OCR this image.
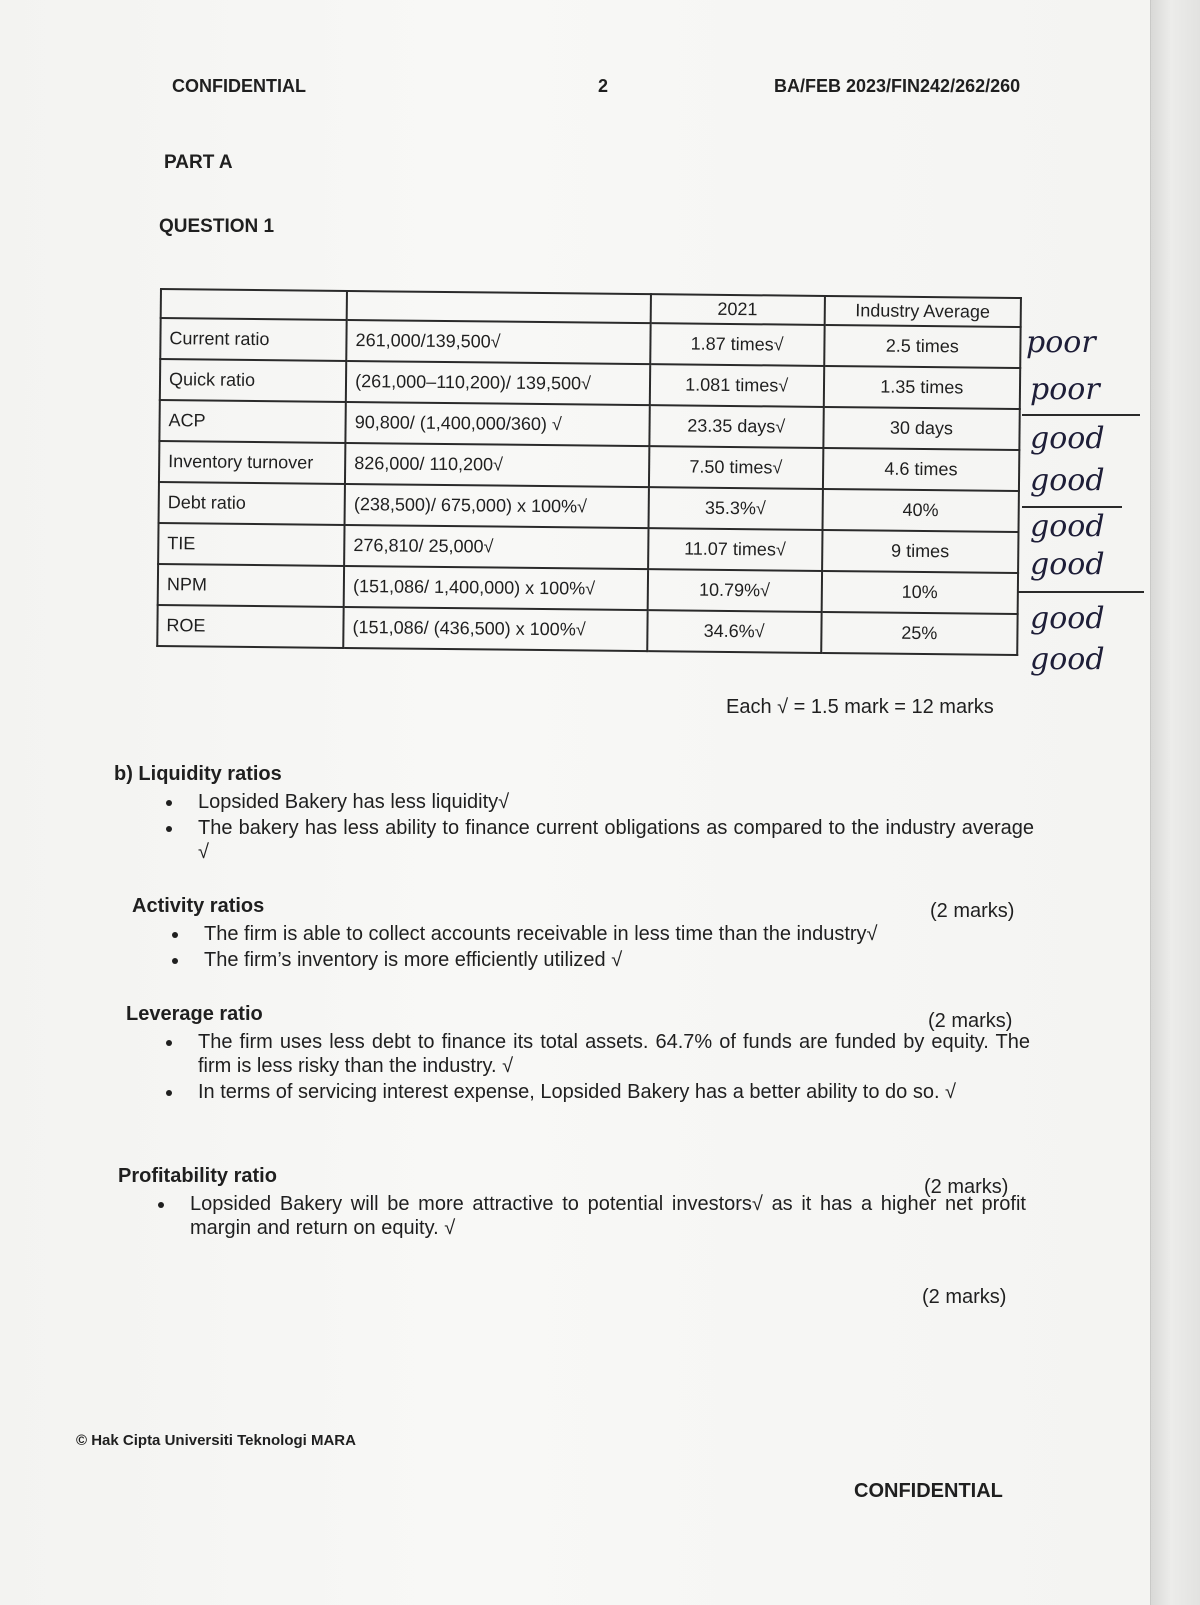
CONFIDENTIAL	2	BA/FEB 2023/FIN242/262/260
PART A
QUESTION 1
		2021	Industry Average
Current ratio	261,000/139,500√	1.87 times√	2.5 times
Quick ratio	(261,000–110,200)/ 139,500√	1.081 times√	1.35 times
ACP	90,800/ (1,400,000/360) √	23.35 days√	30 days
Inventory turnover	826,000/ 110,200√	7.50 times√	4.6 times
Debt ratio	(238,500)/ 675,000) x 100%√	35.3%√	40%
TIE	276,810/ 25,000√	11.07 times√	9 times
NPM	(151,086/ 1,400,000) x 100%√	10.79%√	10%
ROE	(151,086/ (436,500) x 100%√	34.6%√	25%
poor
poor
good
good
good
good
good
good
Each √ = 1.5 mark = 12 marks
b) Liquidity ratios
• Lopsided Bakery has less liquidity√
• The bakery has less ability to finance current obligations as compared to the industry average √
Activity ratios
• The firm is able to collect accounts receivable in less time than the industry√
• The firm’s inventory is more efficiently utilized √
(2 marks)
Leverage ratio
• The firm uses less debt to finance its total assets. 64.7% of funds are funded by equity. The firm is less risky than the industry. √
• In terms of servicing interest expense, Lopsided Bakery has a better ability to do so. √
(2 marks)
Profitability ratio
• Lopsided Bakery will be more attractive to potential investors√ as it has a higher net profit margin and return on equity. √
(2 marks)
(2 marks)
© Hak Cipta Universiti Teknologi MARA
CONFIDENTIAL
